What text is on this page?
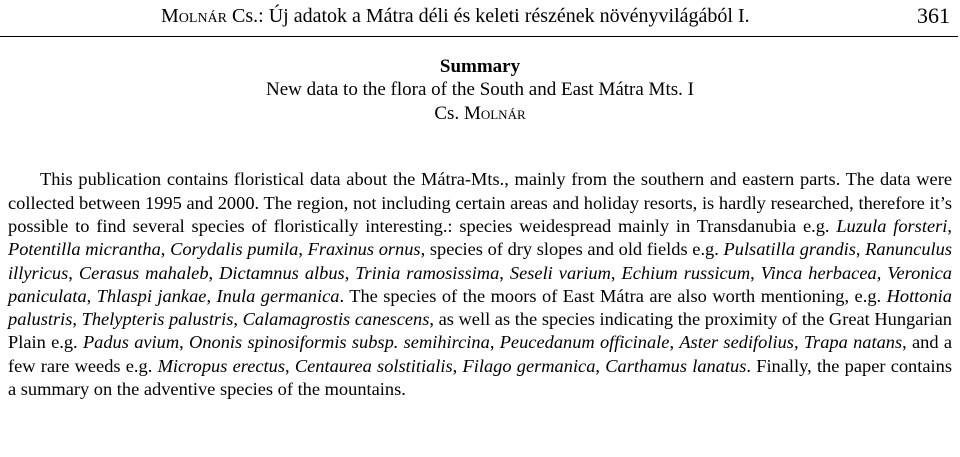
Molnár Cs.: Új adatok a Mátra déli és keleti részének növényvilágából I.	361
Summary
New data to the flora of the South and East Mátra Mts. I
Cs. Molnár

This publication contains floristical data about the Mátra-Mts., mainly from the southern and eastern parts. The data were collected between 1995 and 2000. The region, not including certain areas and holiday resorts, is hardly researched, therefore it’s possible to find several species of floristically interesting.: species weidespread mainly in Transdanubia e.g. Luzula forsteri, Potentilla micrantha, Corydalis pumila, Fraxinus ornus, species of dry slopes and old fields e.g. Pulsatilla grandis, Ranunculus illyricus, Cerasus mahaleb, Dictamnus albus, Trinia ramosissima, Seseli varium, Echium russicum, Vinca herbacea, Veronica paniculata, Thlaspi jankae, Inula germanica. The species of the moors of East Mátra are also worth mentioning, e.g. Hottonia palustris, Thelypteris palustris, Calamagrostis canescens, as well as the species indicating the proximity of the Great Hungarian Plain e.g. Padus avium, Ononis spinosiformis subsp. semihircina, Peucedanum officinale, Aster sedifolius, Trapa natans, and a few rare weeds e.g. Micropus erectus, Centaurea solstitialis, Filago germanica, Carthamus lanatus. Finally, the paper contains a summary on the adventive species of the mountains.
